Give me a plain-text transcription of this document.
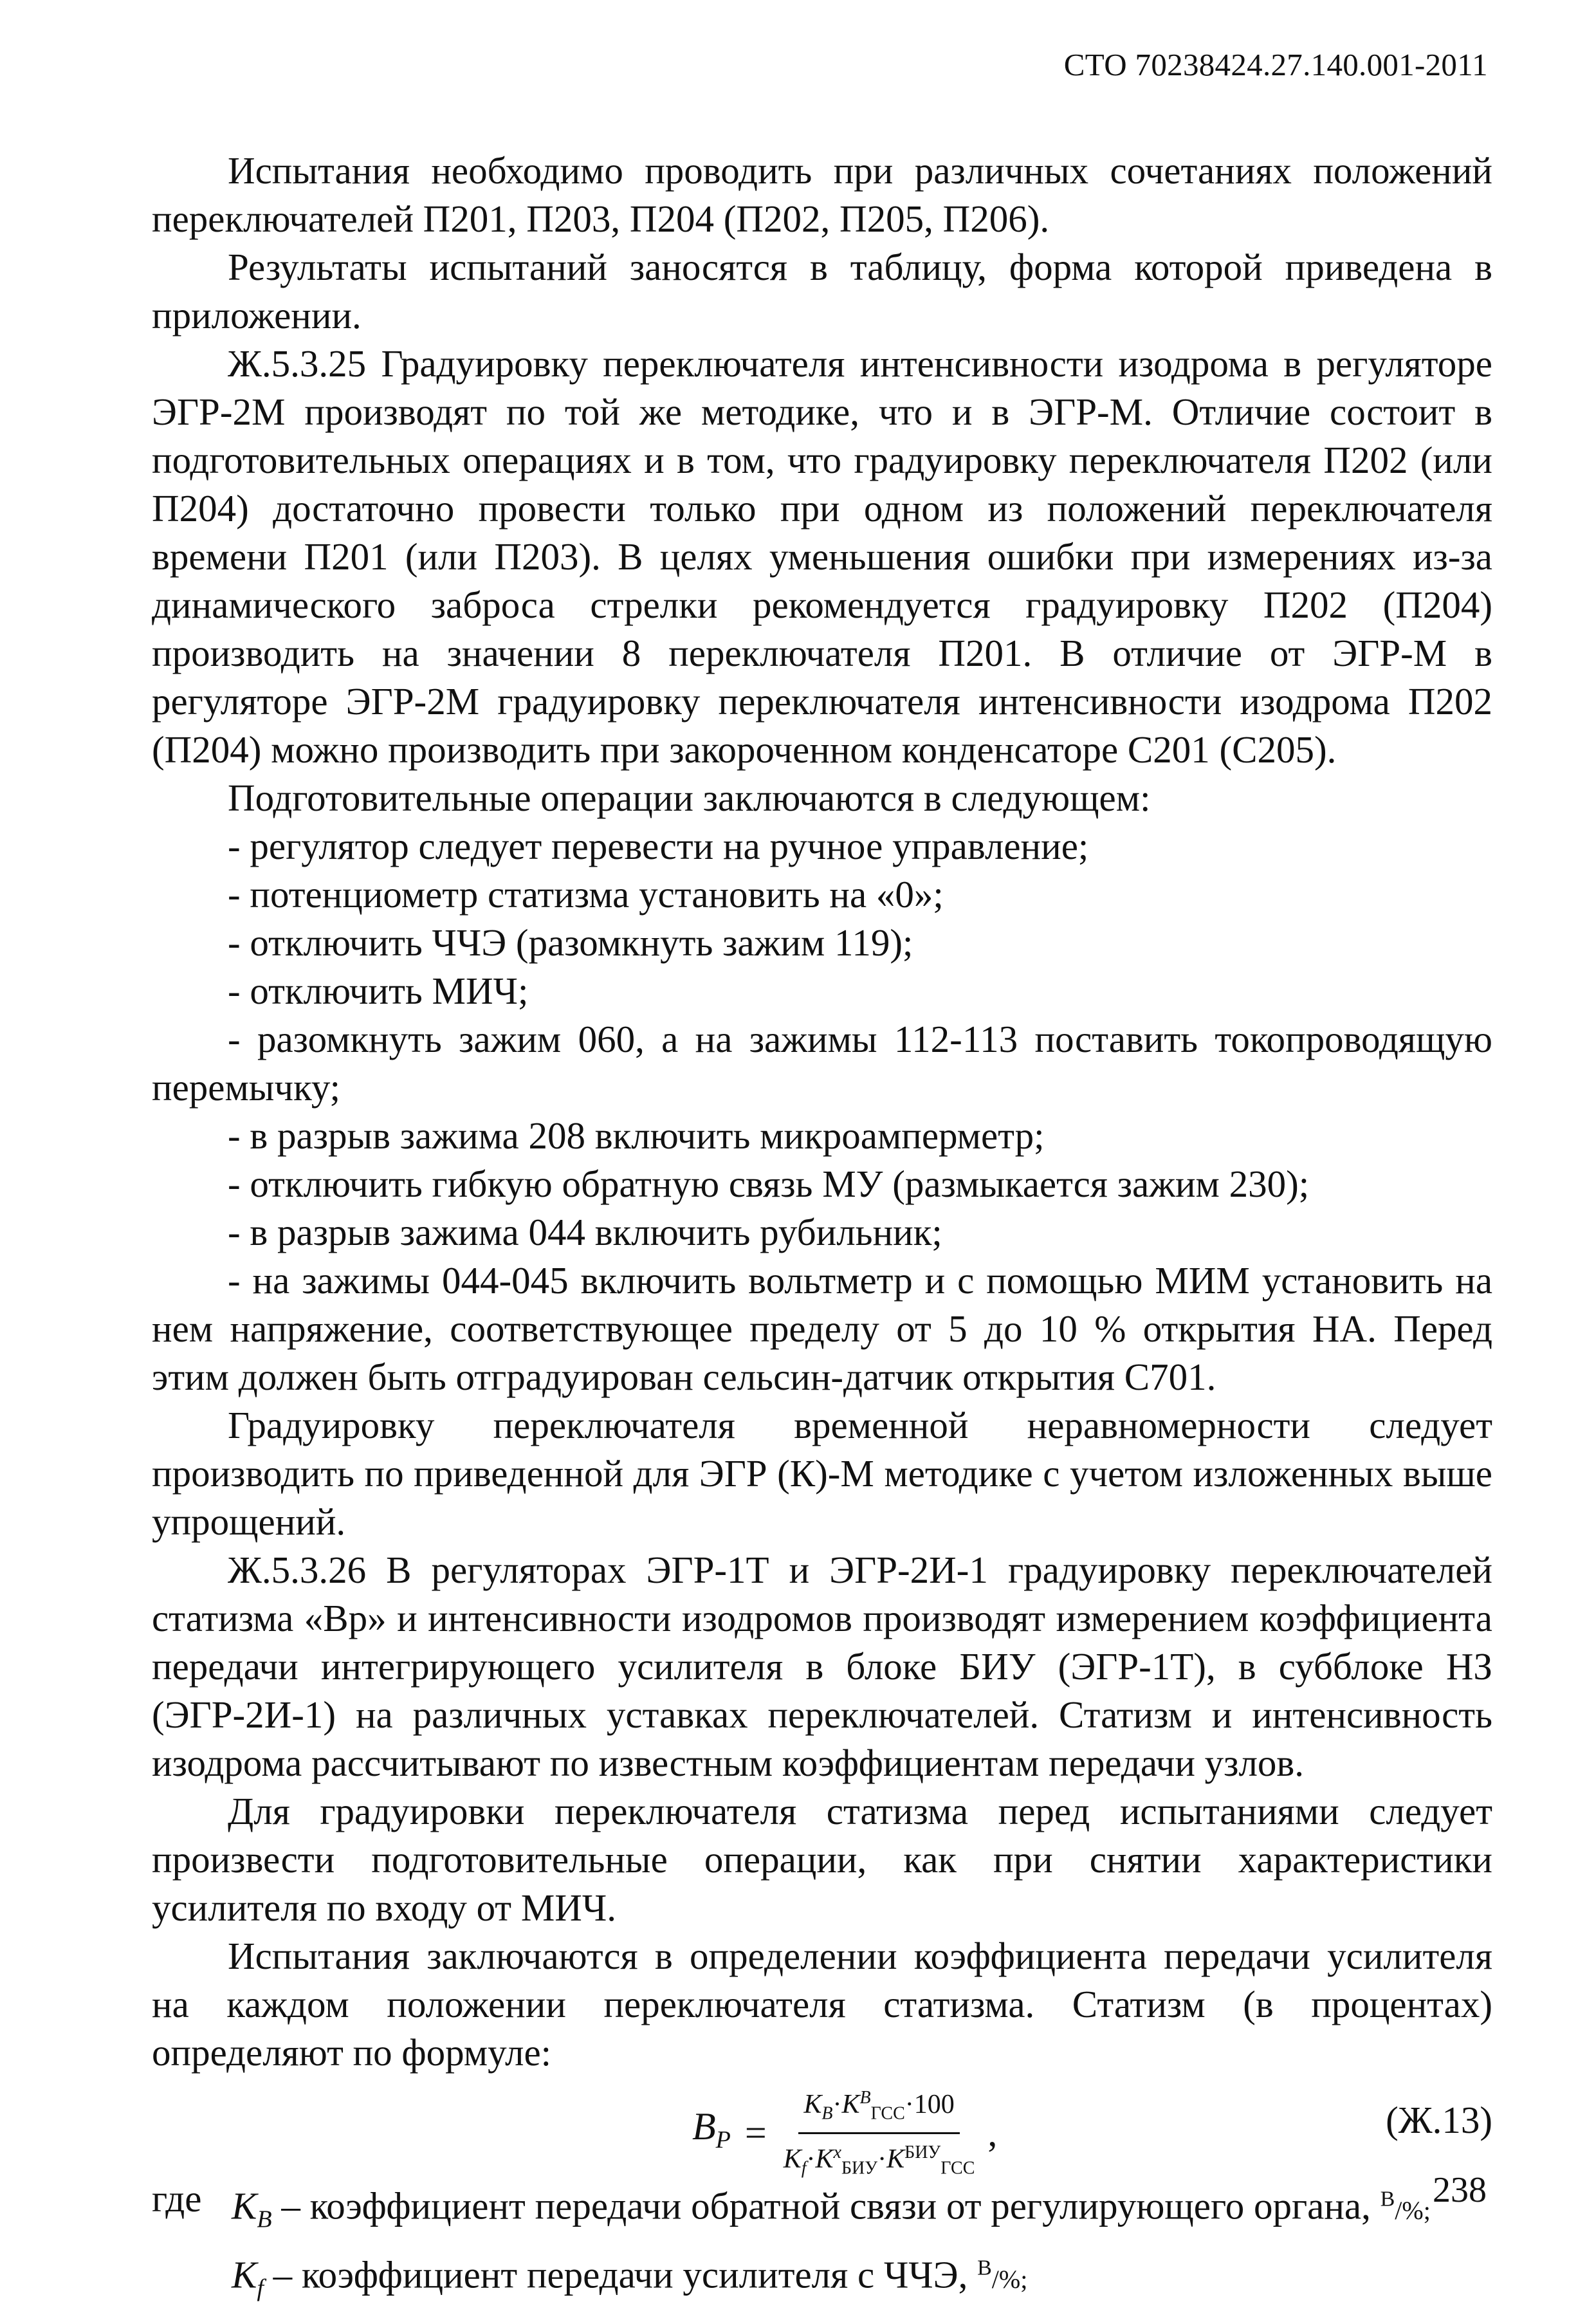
СТО 70238424.27.140.001-2011

Испытания необходимо проводить при различных сочетаниях положений переключателей П201, П203, П204 (П202, П205, П206).

Результаты испытаний заносятся в таблицу, форма которой приведена в приложении.

Ж.5.3.25 Градуировку переключателя интенсивности изодрома в регуляторе ЭГР-2М производят по той же методике, что и в ЭГР-М. Отличие состоит в подготовительных операциях и в том, что градуировку переключателя П202 (или П204) достаточно провести только при одном из положений переключателя времени П201 (или П203). В целях уменьшения ошибки при измерениях из-за динамического заброса стрелки рекомендуется градуировку П202 (П204) производить на значении 8 переключателя П201. В отличие от ЭГР-М в регуляторе ЭГР-2М градуировку переключателя интенсивности изодрома П202 (П204) можно производить при закороченном конденсаторе С201 (С205).

Подготовительные операции заключаются в следующем:

- регулятор следует перевести на ручное управление;

- потенциометр статизма установить на «0»;

- отключить ЧЧЭ (разомкнуть зажим 119);

- отключить МИЧ;

- разомкнуть зажим 060, а на зажимы 112-113 поставить токопроводящую перемычку;

- в разрыв зажима 208 включить микроамперметр;

- отключить гибкую обратную связь МУ (размыкается зажим 230);

- в разрыв зажима 044 включить рубильник;

- на зажимы 044-045 включить вольтметр и с помощью МИМ установить на нем напряжение, соответствующее пределу от 5 до 10 % открытия НА. Перед этим должен быть отградуирован сельсин-датчик открытия С701.

Градуировку переключателя временной неравномерности следует производить по приведенной для ЭГР (К)-М методике с учетом изложенных выше упрощений.

Ж.5.3.26 В регуляторах ЭГР-1Т и ЭГР-2И-1 градуировку переключателей статизма «Вр» и интенсивности изодромов производят измерением коэффициента передачи интегрирующего усилителя в блоке БИУ (ЭГР-1Т), в субблоке НЗ (ЭГР-2И-1) на различных уставках переключателей. Статизм и интенсивность изодрома рассчитывают по известным коэффициентам передачи узлов.

Для градуировки переключателя статизма перед испытаниями следует произвести подготовительные операции, как при снятии характеристики усилителя по входу от МИЧ.

Испытания заключаются в определении коэффициента передачи усилителя на каждом положении переключателя статизма. Статизм (в процентах) определяют по формуле:

$B_P = \frac{K_B\cdot K^B_{ГСС}\cdot 100}{K_f\cdot K^x_{БИУ}\cdot K^{БИУ}_{ГСС}}$ ,	(Ж.13)
где $K_B$ – коэффициент передачи обратной связи от регулирующего органа, $^В$/%;
$K_f$ – коэффициент передачи усилителя с ЧЧЭ, $^В$/%;
238
